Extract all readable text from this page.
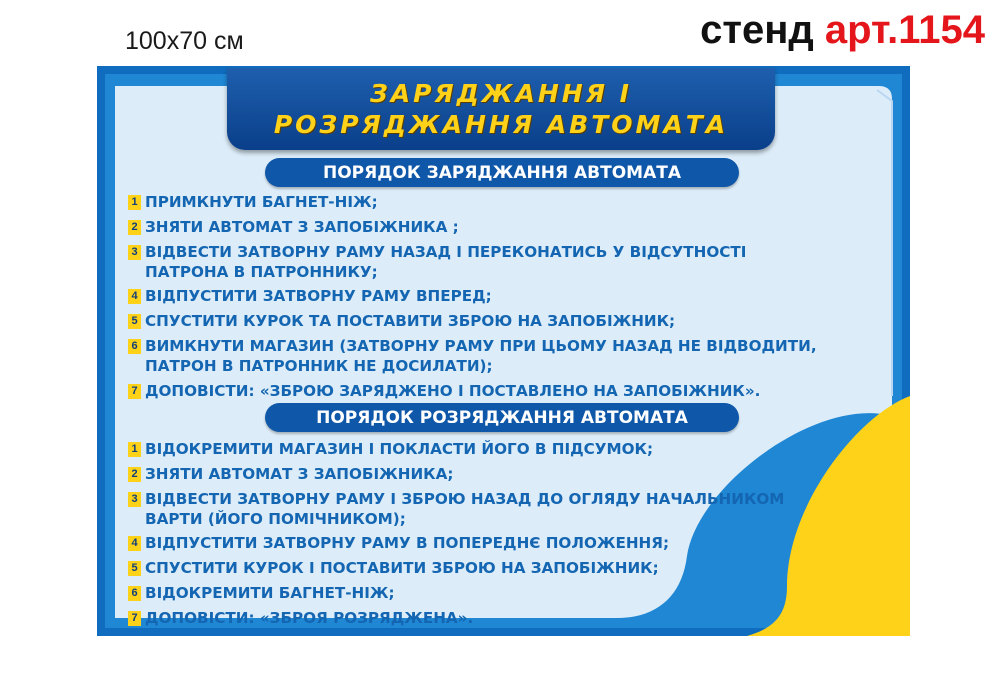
100х70 см	стенд арт.1154
ЗАРЯДЖАННЯ І
РОЗРЯДЖАННЯ АВТОМАТА
ПОРЯДОК ЗАРЯДЖАННЯ АВТОМАТА
1 ПРИМКНУТИ БАГНЕТ-НІЖ;
2 ЗНЯТИ АВТОМАТ З ЗАПОБІЖНИКА ;
3 ВІДВЕСТИ ЗАТВОРНУ РАМУ НАЗАД І ПЕРЕКОНАТИСЬ У ВІДСУТНОСТІ
ПАТРОНА В ПАТРОННИКУ;
4 ВІДПУСТИТИ ЗАТВОРНУ РАМУ ВПЕРЕД;
5 СПУСТИТИ КУРОК ТА ПОСТАВИТИ ЗБРОЮ НА ЗАПОБІЖНИК;
6 ВИМКНУТИ МАГАЗИН (ЗАТВОРНУ РАМУ ПРИ ЦЬОМУ НАЗАД НЕ ВІДВОДИТИ,
ПАТРОН В ПАТРОННИК НЕ ДОСИЛАТИ);
7 ДОПОВІСТИ: «ЗБРОЮ ЗАРЯДЖЕНО І ПОСТАВЛЕНО НА ЗАПОБІЖНИК».
ПОРЯДОК РОЗРЯДЖАННЯ АВТОМАТА
1 ВІДОКРЕМИТИ МАГАЗИН І ПОКЛАСТИ ЙОГО В ПІДСУМОК;
2 ЗНЯТИ АВТОМАТ З ЗАПОБІЖНИКА;
3 ВІДВЕСТИ ЗАТВОРНУ РАМУ І ЗБРОЮ НАЗАД ДО ОГЛЯДУ НАЧАЛЬНИКОМ
ВАРТИ (ЙОГО ПОМІЧНИКОМ);
4 ВІДПУСТИТИ ЗАТВОРНУ РАМУ В ПОПЕРЕДНЄ ПОЛОЖЕННЯ;
5 СПУСТИТИ КУРОК І ПОСТАВИТИ ЗБРОЮ НА ЗАПОБІЖНИК;
6 ВІДОКРЕМИТИ БАГНЕТ-НІЖ;
7 ДОПОВІСТИ: «ЗБРОЯ РОЗРЯДЖЕНА».
